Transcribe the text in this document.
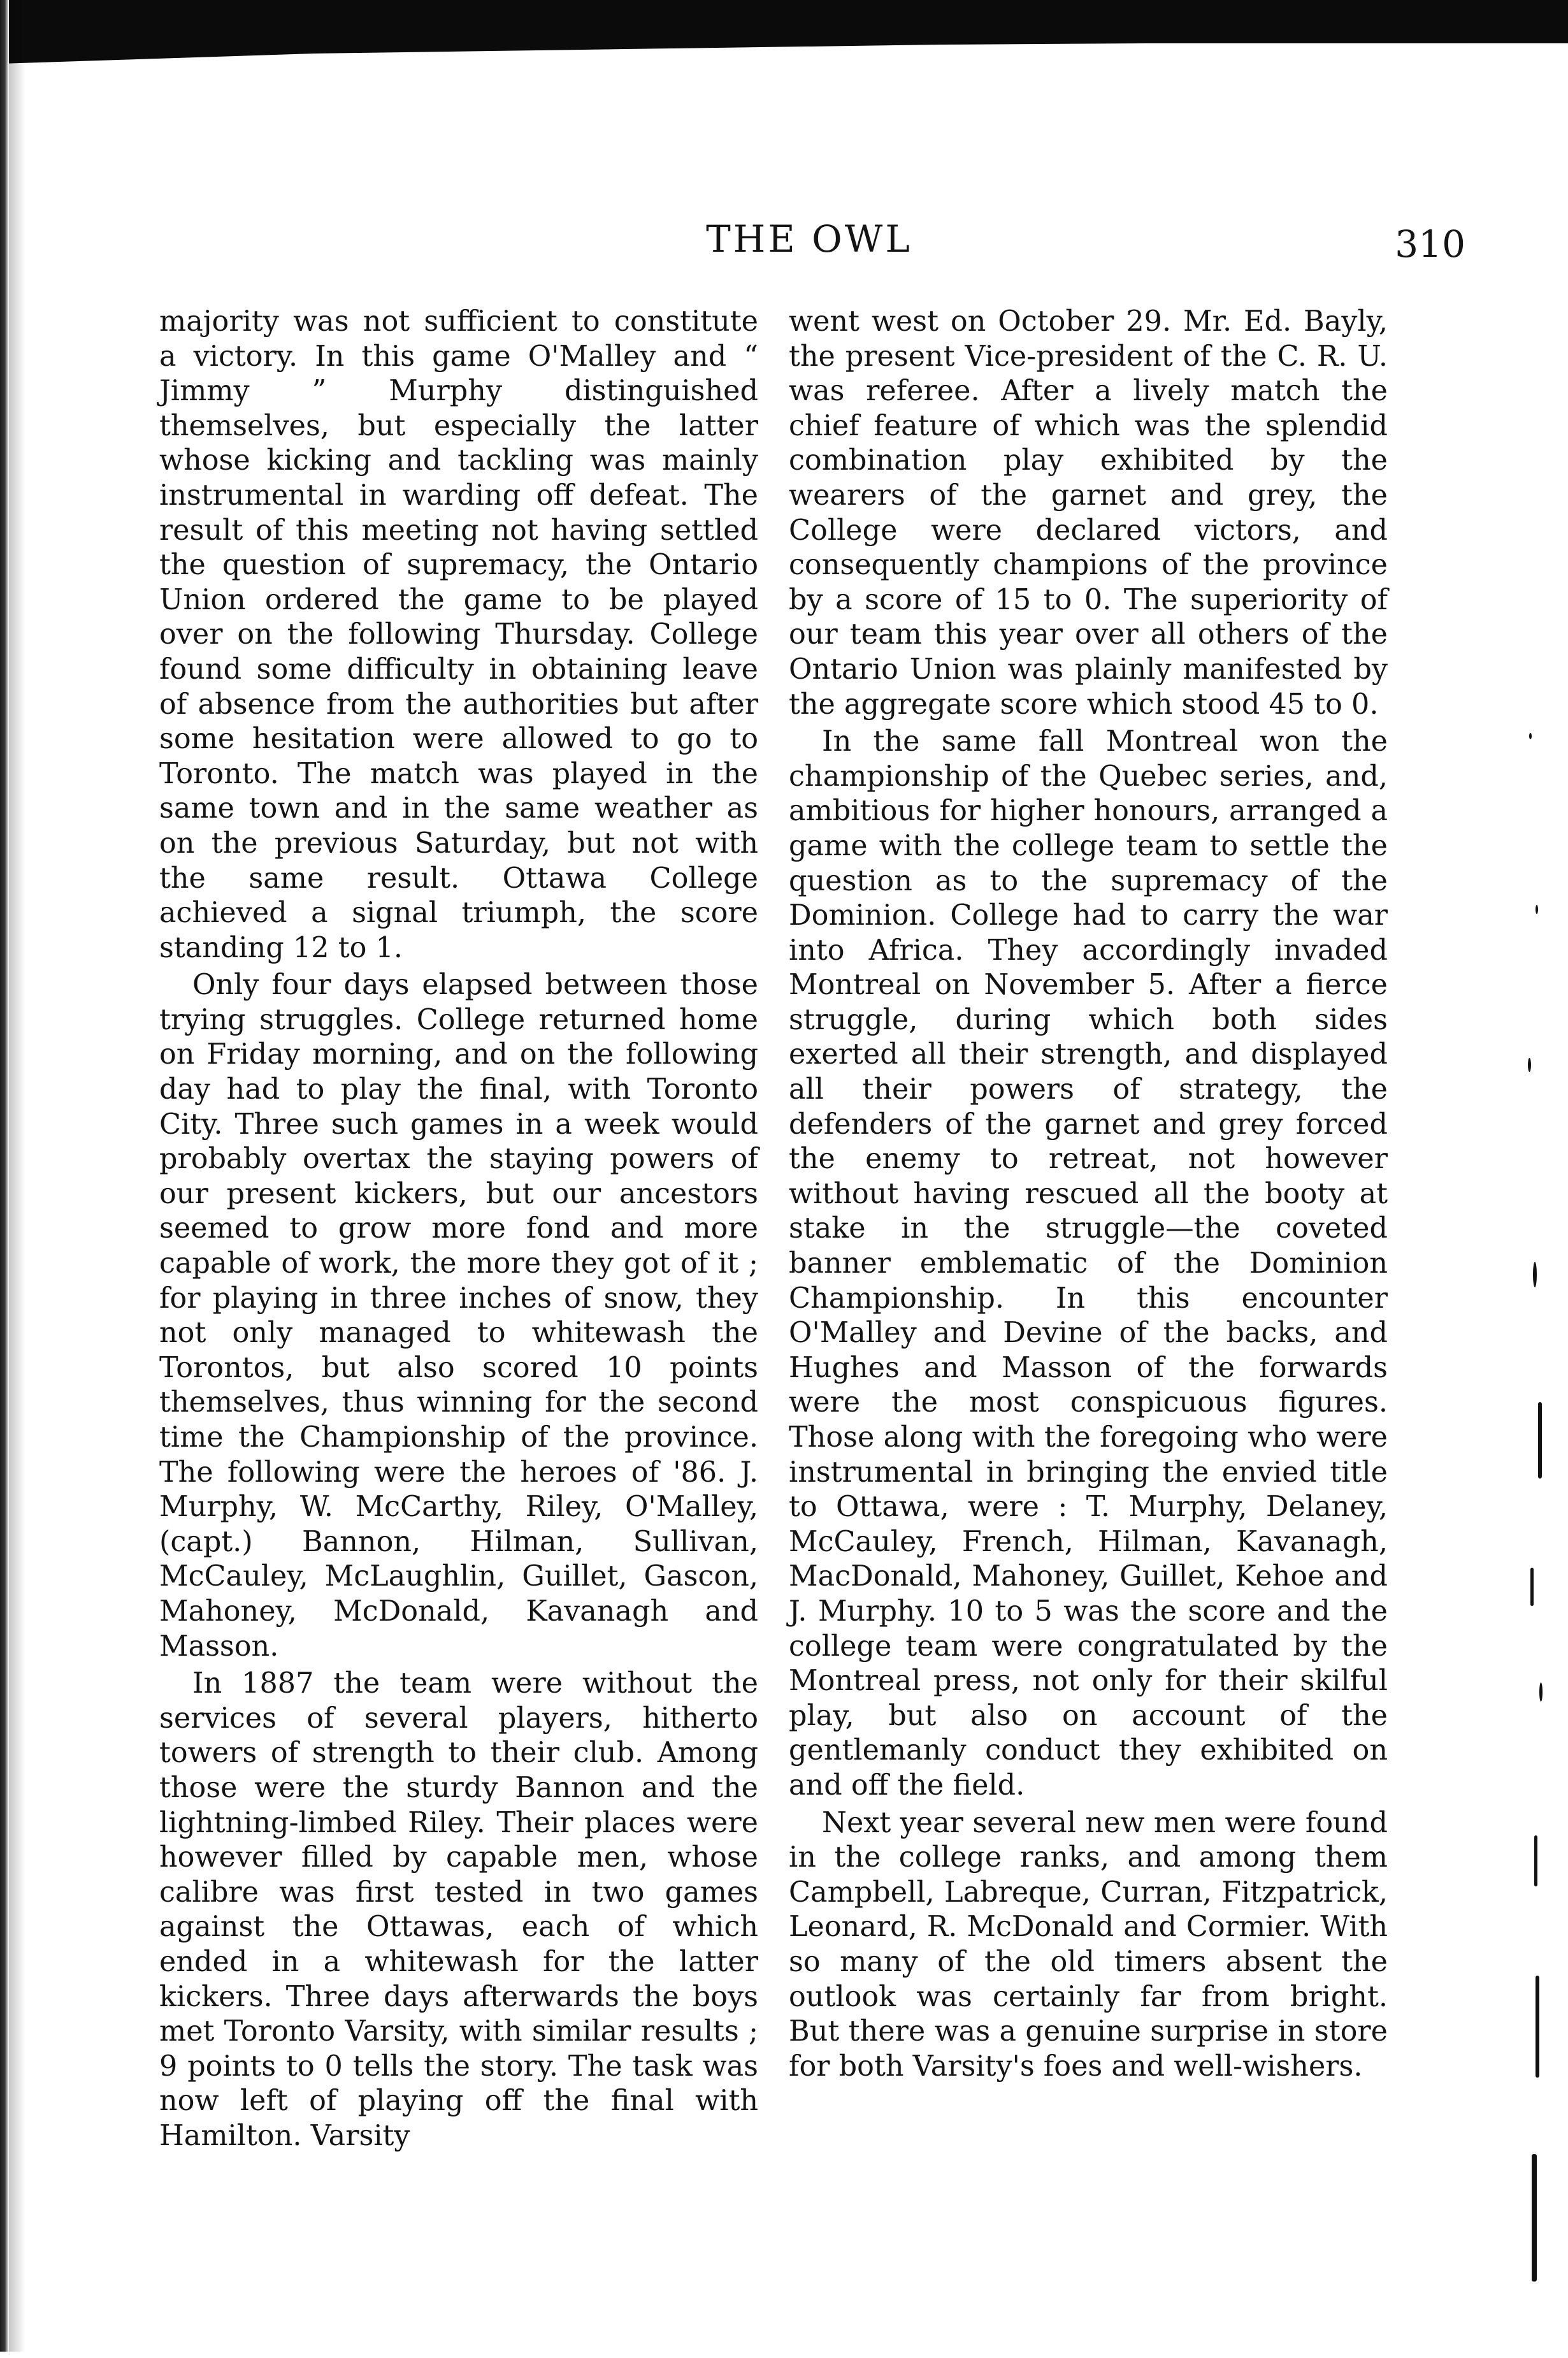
THE OWL	310

majority was not sufficient to constitute a victory. In this game O'Malley and “ Jimmy ” Murphy distinguished themselves, but especially the latter whose kicking and tackling was mainly instrumental in warding off defeat. The result of this meeting not having settled the question of supremacy, the Ontario Union ordered the game to be played over on the following Thursday. College found some difficulty in obtaining leave of absence from the authorities but after some hesitation were allowed to go to Toronto. The match was played in the same town and in the same weather as on the previous Saturday, but not with the same result. Ottawa College achieved a signal triumph, the score standing 12 to 1.

Only four days elapsed between those trying struggles. College returned home on Friday morning, and on the following day had to play the final, with Toronto City. Three such games in a week would probably overtax the staying powers of our present kickers, but our ancestors seemed to grow more fond and more capable of work, the more they got of it ; for playing in three inches of snow, they not only managed to whitewash the Torontos, but also scored 10 points themselves, thus winning for the second time the Championship of the province. The following were the heroes of '86. J. Murphy, W. McCarthy, Riley, O'Malley, (capt.) Bannon, Hilman, Sullivan, McCauley, McLaughlin, Guillet, Gascon, Mahoney, McDonald, Kavanagh and Masson.

In 1887 the team were without the services of several players, hitherto towers of strength to their club. Among those were the sturdy Bannon and the lightning-limbed Riley. Their places were however filled by capable men, whose calibre was first tested in two games against the Ottawas, each of which ended in a whitewash for the latter kickers. Three days afterwards the boys met Toronto Varsity, with similar results ; 9 points to 0 tells the story. The task was now left of playing off the final with Hamilton. Varsity

went west on October 29. Mr. Ed. Bayly, the present Vice-president of the C. R. U. was referee. After a lively match the chief feature of which was the splendid combination play exhibited by the wearers of the garnet and grey, the College were declared victors, and consequently champions of the province by a score of 15 to 0. The superiority of our team this year over all others of the Ontario Union was plainly manifested by the aggregate score which stood 45 to 0.

In the same fall Montreal won the championship of the Quebec series, and, ambitious for higher honours, arranged a game with the college team to settle the question as to the supremacy of the Dominion. College had to carry the war into Africa. They accordingly invaded Montreal on November 5. After a fierce struggle, during which both sides exerted all their strength, and displayed all their powers of strategy, the defenders of the garnet and grey forced the enemy to retreat, not however without having rescued all the booty at stake in the struggle—the coveted banner emblematic of the Dominion Championship. In this encounter O'Malley and Devine of the backs, and Hughes and Masson of the forwards were the most conspicuous figures. Those along with the foregoing who were instrumental in bringing the envied title to Ottawa, were : T. Murphy, Delaney, McCauley, French, Hilman, Kavanagh, MacDonald, Mahoney, Guillet, Kehoe and J. Murphy. 10 to 5 was the score and the college team were congratulated by the Montreal press, not only for their skilful play, but also on account of the gentlemanly conduct they exhibited on and off the field.

Next year several new men were found in the college ranks, and among them Campbell, Labreque, Curran, Fitzpatrick, Leonard, R. McDonald and Cormier. With so many of the old timers absent the outlook was certainly far from bright. But there was a genuine surprise in store for both Varsity's foes and well-wishers.
